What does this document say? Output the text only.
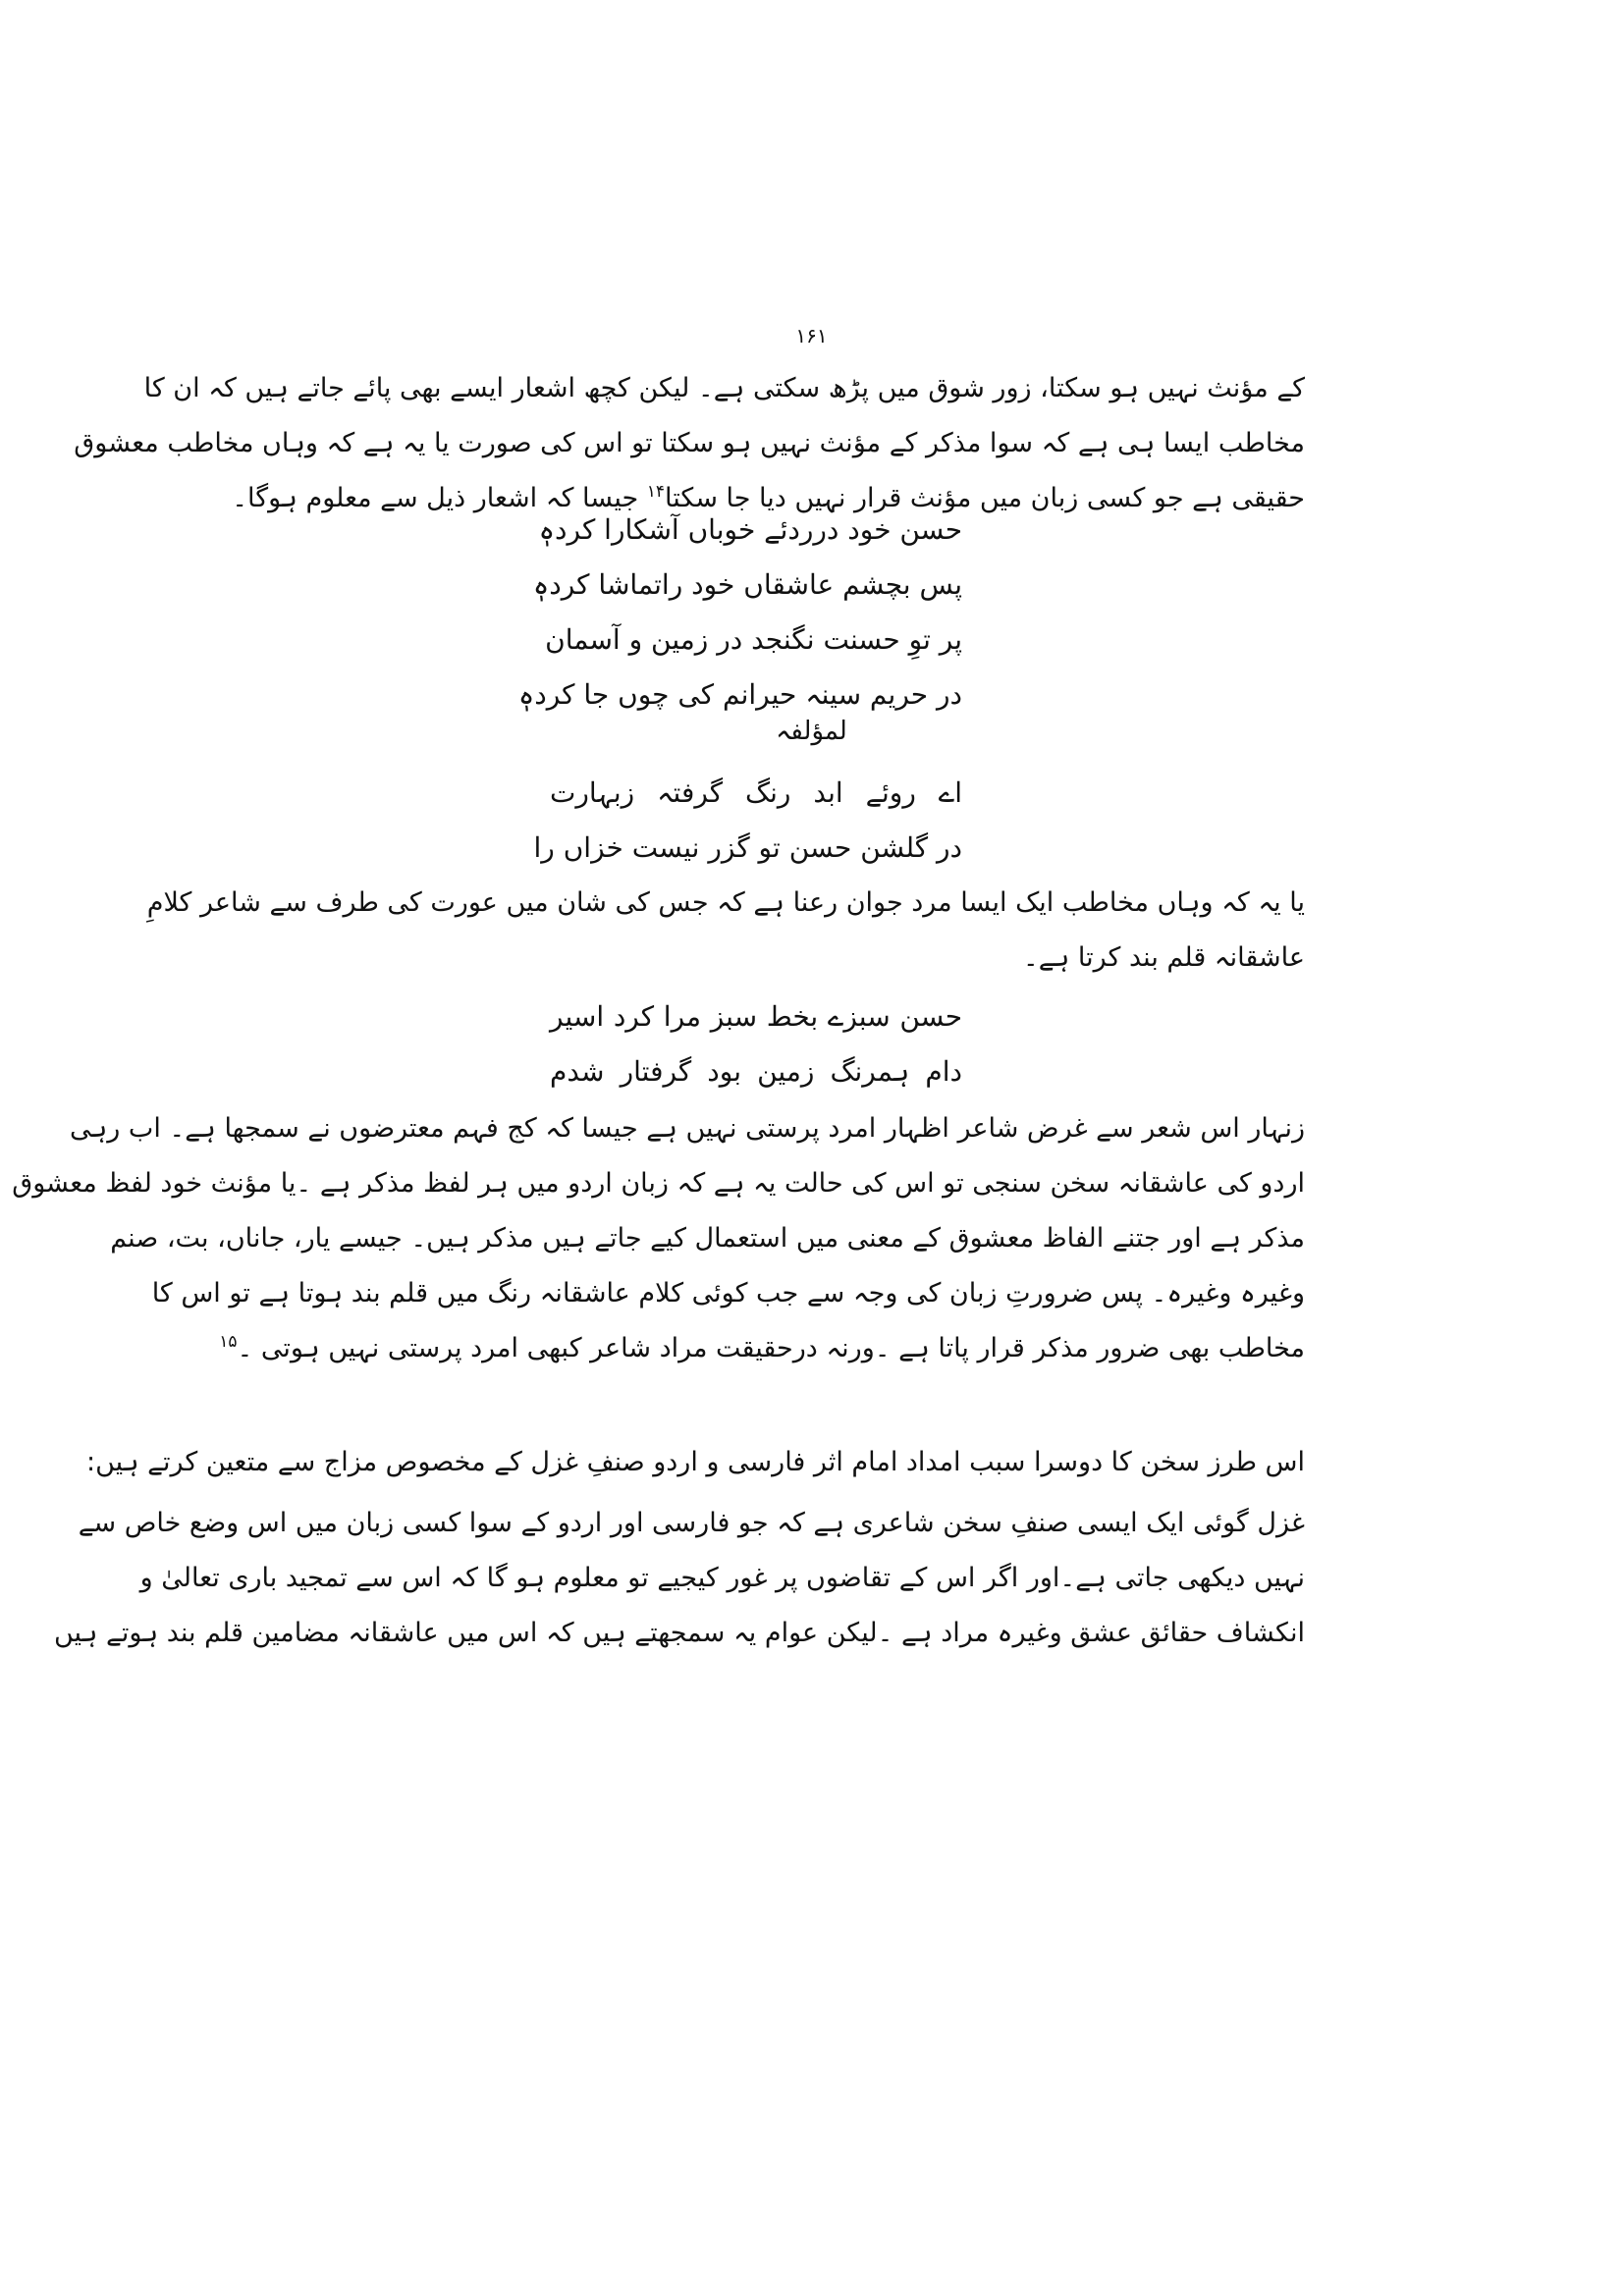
۱۶۱
کے مؤنث نہیں ہو سکتا، زور شوق میں پڑھ سکتی ہے۔ لیکن کچھ اشعار ایسے بھی پائے جاتے ہیں کہ ان کا
مخاطب ایسا ہی ہے کہ سوا مذکر کے مؤنث نہیں ہو سکتا تو اس کی صورت یا یہ ہے کہ وہاں مخاطب معشوق
حقیقی ہے جو کسی زبان میں مؤنث قرار نہیں دیا جا سکتا$^{۱۴}$ جیسا کہ اشعار ذیل سے معلوم ہوگا۔
حسن خود درردئے خوباں آشکارا کردہٖ
پس بچشم عاشقاں خود راتماشا کردہٖ
پر توِ حسنت نگنجد در زمین و آسمان
در حریم سینہ حیرانم کی چوں جا کردہٖ
لمؤلفہ
اے روئے ابد رنگ گرفتہ زبہارت
در گلشن حسن تو گزر نیست خزاں را
یا یہ کہ وہاں مخاطب ایک ایسا مرد جوان رعنا ہے کہ جس کی شان میں عورت کی طرف سے شاعر کلامِ
عاشقانہ قلم بند کرتا ہے۔
حسن سبزے بخط سبز مرا کرد اسیر
دام ہمرنگ زمین بود گرفتار شدم
زنہار اس شعر سے غرض شاعر اظہار امرد پرستی نہیں ہے جیسا کہ کج فہم معترضوں نے سمجھا ہے۔ اب رہی
اردو کی عاشقانہ سخن سنجی تو اس کی حالت یہ ہے کہ زبان اردو میں ہر لفظ مذکر ہے ۔یا مؤنث خود لفظ معشوق
مذکر ہے اور جتنے الفاظ معشوق کے معنی میں استعمال کیے جاتے ہیں مذکر ہیں۔ جیسے یار، جاناں، بت، صنم
وغیرہ وغیرہ۔ پس ضرورتِ زبان کی وجہ سے جب کوئی کلام عاشقانہ رنگ میں قلم بند ہوتا ہے تو اس کا
مخاطب بھی ضرور مذکر قرار پاتا ہے ۔ورنہ درحقیقت مراد شاعر کبھی امرد پرستی نہیں ہوتی ۔$^{۱۵}$
اس طرز سخن کا دوسرا سبب امداد امام اثر فارسی و اردو صنفِ غزل کے مخصوص مزاج سے متعین کرتے ہیں:
غزل گوئی ایک ایسی صنفِ سخن شاعری ہے کہ جو فارسی اور اردو کے سوا کسی زبان میں اس وضع خاص سے
نہیں دیکھی جاتی ہے۔اور اگر اس کے تقاضوں پر غور کیجیے تو معلوم ہو گا کہ اس سے تمجید باری تعالیٰ و
انکشاف حقائق عشق وغیرہ مراد ہے ۔لیکن عوام یہ سمجھتے ہیں کہ اس میں عاشقانہ مضامین قلم بند ہوتے ہیں
